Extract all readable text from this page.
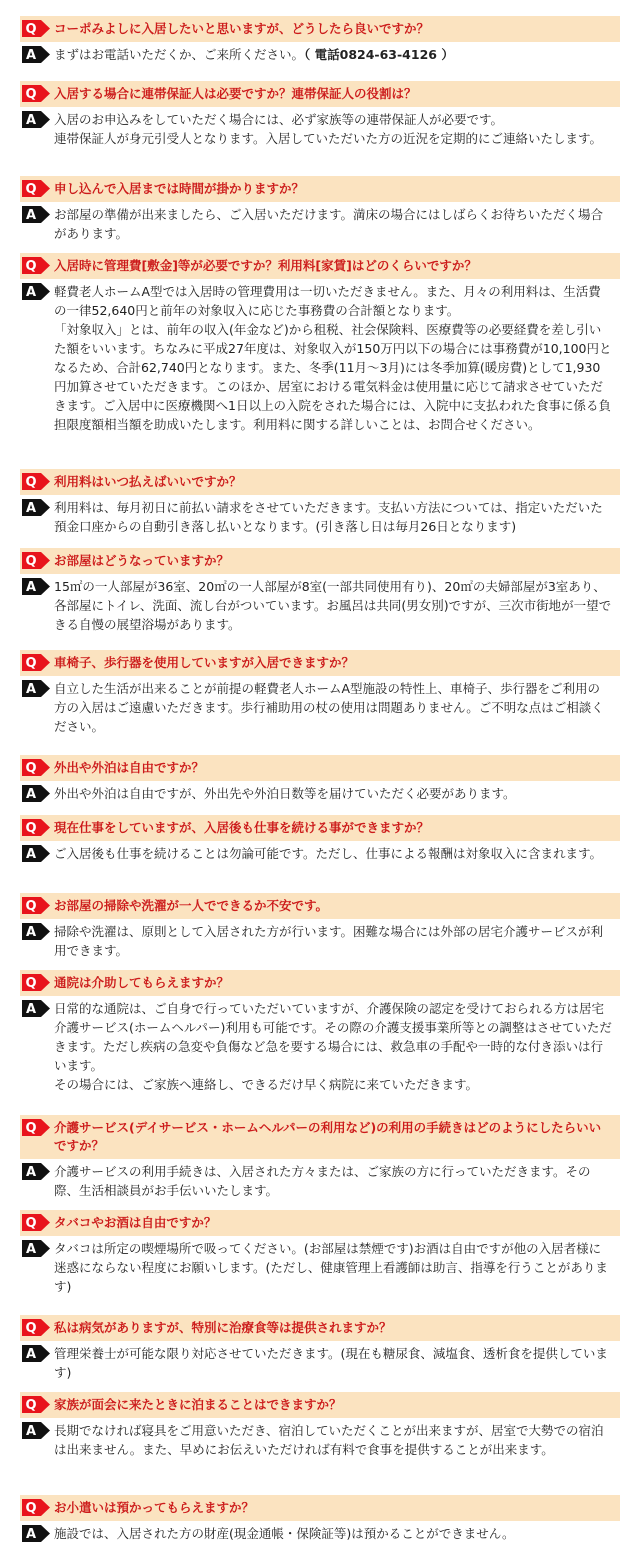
Q コーポみよしに入居したいと思いますが、どうしたら良いですか？
A まずはお電話いただくか、ご来所ください。（ 電話0824-63-4126 ）
Q 入居する場合に連帯保証人は必要ですか？連帯保証人の役割は？
A 入居のお申込みをしていただく場合には、必ず家族等の連帯保証人が必要です。
連帯保証人が身元引受人となります。入居していただいた方の近況を定期的にご連絡いたします。
Q 申し込んで入居までは時間が掛かりますか？
A お部屋の準備が出来ましたら、ご入居いただけます。満床の場合にはしばらくお待ちいただく場合があります。
Q 入居時に管理費[敷金]等が必要ですか？利用料[家賃]はどのくらいですか？
A 軽費老人ホームA型では入居時の管理費用は一切いただきません。また、月々の利用料は、生活費の一律52,640円と前年の対象収入に応じた事務費の合計額となります。
「対象収入」とは、前年の収入(年金など)から租税、社会保険料、医療費等の必要経費を差し引いた額をいいます。ちなみに平成27年度は、対象収入が150万円以下の場合には事務費が10,100円となるため、合計62,740円となります。また、冬季(11月～3月)には冬季加算(暖房費)として1,930円加算させていただきます。このほか、居室における電気料金は使用量に応じて請求させていただきます。ご入居中に医療機関へ1日以上の入院をされた場合には、入院中に支払われた食事に係る負担限度額相当額を助成いたします。利用料に関する詳しいことは、お問合せください。
Q 利用料はいつ払えばいいですか？
A 利用料は、毎月初日に前払い請求をさせていただきます。支払い方法については、指定いただいた預金口座からの自動引き落し払いとなります。(引き落し日は毎月26日となります)
Q お部屋はどうなっていますか？
A 15㎡の一人部屋が36室、20㎡の一人部屋が8室(一部共同使用有り)、20㎡の夫婦部屋が3室あり、各部屋にトイレ、洗面、流し台がついています。お風呂は共同(男女別)ですが、三次市街地が一望できる自慢の展望浴場があります。
Q 車椅子、歩行器を使用していますが入居できますか？
A 自立した生活が出来ることが前提の軽費老人ホームA型施設の特性上、車椅子、歩行器をご利用の方の入居はご遠慮いただきます。歩行補助用の杖の使用は問題ありません。ご不明な点はご相談ください。
Q 外出や外泊は自由ですか？
A 外出や外泊は自由ですが、外出先や外泊日数等を届けていただく必要があります。
Q 現在仕事をしていますが、入居後も仕事を続ける事ができますか？
A ご入居後も仕事を続けることは勿論可能です。ただし、仕事による報酬は対象収入に含まれます。
Q お部屋の掃除や洗濯が一人でできるか不安です。
A 掃除や洗濯は、原則として入居された方が行います。困難な場合には外部の居宅介護サービスが利用できます。
Q 通院は介助してもらえますか？
A 日常的な通院は、ご自身で行っていただいていますが、介護保険の認定を受けておられる方は居宅介護サービス(ホームヘルパー)利用も可能です。その際の介護支援事業所等との調整はさせていただきます。ただし疾病の急変や負傷など急を要する場合には、救急車の手配や一時的な付き添いは行います。
その場合には、ご家族へ連絡し、できるだけ早く病院に来ていただきます。
Q 介護サービス(デイサービス・ホームヘルパーの利用など)の利用の手続きはどのようにしたらいいですか？
A 介護サービスの利用手続きは、入居された方々または、ご家族の方に行っていただきます。その際、生活相談員がお手伝いいたします。
Q タバコやお酒は自由ですか？
A タバコは所定の喫煙場所で吸ってください。(お部屋は禁煙です)お酒は自由ですが他の入居者様に迷惑にならない程度にお願いします。(ただし、健康管理上看護師は助言、指導を行うことがあります)
Q 私は病気がありますが、特別に治療食等は提供されますか？
A 管理栄養士が可能な限り対応させていただきます。(現在も糖尿食、減塩食、透析食を提供しています)
Q 家族が面会に来たときに泊まることはできますか？
A 長期でなければ寝具をご用意いただき、宿泊していただくことが出来ますが、居室で大勢での宿泊は出来ません。また、早めにお伝えいただければ有料で食事を提供することが出来ます。
Q お小遣いは預かってもらえますか？
A 施設では、入居された方の財産(現金通帳・保険証等)は預かることができません。
